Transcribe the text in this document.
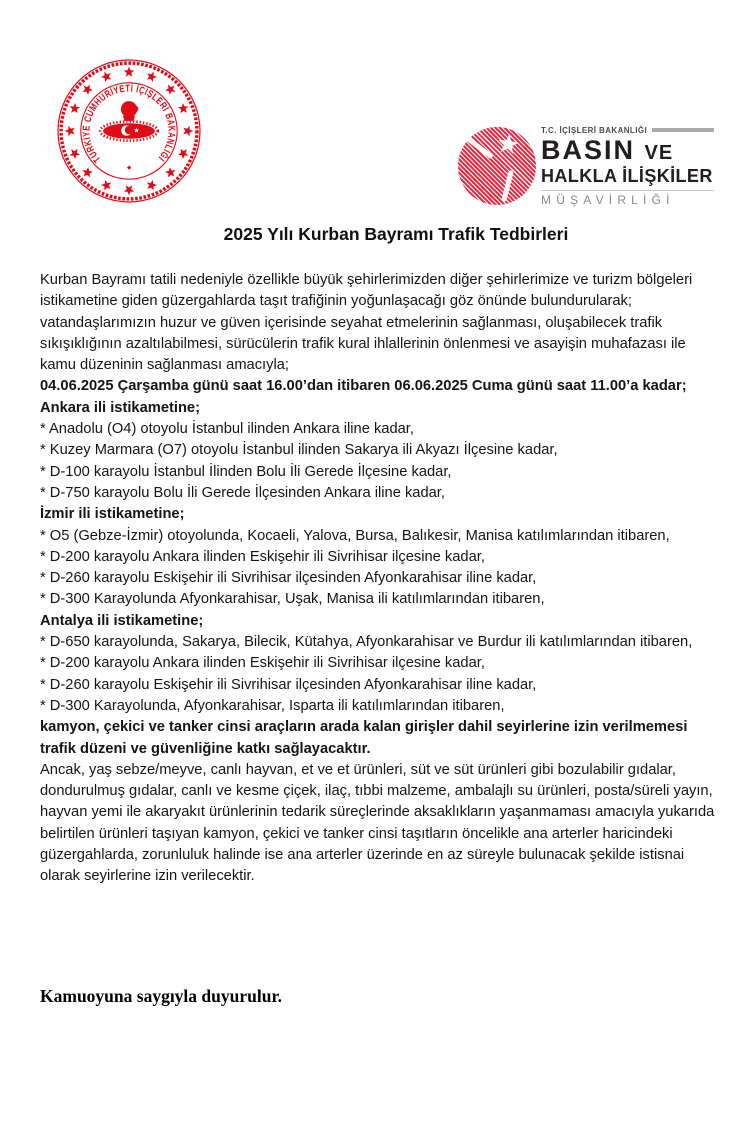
TÜRKİYE CUMHURİYETİ İÇİŞLERİ BAKANLIĞI	★ T.C. İÇİŞLERİ BAKANLIĞI
BASIN VE
HALKLA İLİŞKİLER
MÜŞAVİRLİĞİ
2025 Yılı Kurban Bayramı Trafik Tedbirleri
Kurban Bayramı tatili nedeniyle özellikle büyük şehirlerimizden diğer şehirlerimize ve turizm bölgeleri istikametine giden güzergahlarda taşıt trafiğinin yoğunlaşacağı göz önünde bulundurularak; vatandaşlarımızın huzur ve güven içerisinde seyahat etmelerinin sağlanması, oluşabilecek trafik sıkışıklığının azaltılabilmesi, sürücülerin trafik kural ihlallerinin önlenmesi ve asayişin muhafazası ile kamu düzeninin sağlanması amacıyla;
04.06.2025 Çarşamba günü saat 16.00’dan itibaren 06.06.2025 Cuma günü saat 11.00’a kadar;
Ankara ili istikametine;
* Anadolu (O4) otoyolu İstanbul ilinden Ankara iline kadar,
* Kuzey Marmara (O7) otoyolu İstanbul ilinden Sakarya ili Akyazı İlçesine kadar,
* D-100 karayolu İstanbul İlinden Bolu İli Gerede İlçesine kadar,
* D-750 karayolu Bolu İli Gerede İlçesinden Ankara iline kadar,
İzmir ili istikametine;
* O5 (Gebze-İzmir) otoyolunda, Kocaeli, Yalova, Bursa, Balıkesir, Manisa katılımlarından itibaren,
* D-200 karayolu Ankara ilinden Eskişehir ili Sivrihisar ilçesine kadar,
* D-260 karayolu Eskişehir ili Sivrihisar ilçesinden Afyonkarahisar iline kadar,
* D-300 Karayolunda Afyonkarahisar, Uşak, Manisa ili katılımlarından itibaren,
Antalya ili istikametine;
* D-650 karayolunda, Sakarya, Bilecik, Kütahya, Afyonkarahisar ve Burdur ili katılımlarından itibaren,
* D-200 karayolu Ankara ilinden Eskişehir ili Sivrihisar ilçesine kadar,
* D-260 karayolu Eskişehir ili Sivrihisar ilçesinden Afyonkarahisar iline kadar,
* D-300 Karayolunda, Afyonkarahisar, Isparta ili katılımlarından itibaren,
kamyon, çekici ve tanker cinsi araçların arada kalan girişler dahil seyirlerine izin verilmemesi trafik düzeni ve güvenliğine katkı sağlayacaktır.
Ancak, yaş sebze/meyve, canlı hayvan, et ve et ürünleri, süt ve süt ürünleri gibi bozulabilir gıdalar, dondurulmuş gıdalar, canlı ve kesme çiçek, ilaç, tıbbi malzeme, ambalajlı su ürünleri, posta/süreli yayın, hayvan yemi ile akaryakıt ürünlerinin tedarik süreçlerinde aksaklıkların yaşanmaması amacıyla yukarıda belirtilen ürünleri taşıyan kamyon, çekici ve tanker cinsi taşıtların öncelikle ana arterler haricindeki güzergahlarda, zorunluluk halinde ise ana arterler üzerinde en az süreyle bulunacak şekilde istisnai olarak seyirlerine izin verilecektir.
Kamuoyuna saygıyla duyurulur.
